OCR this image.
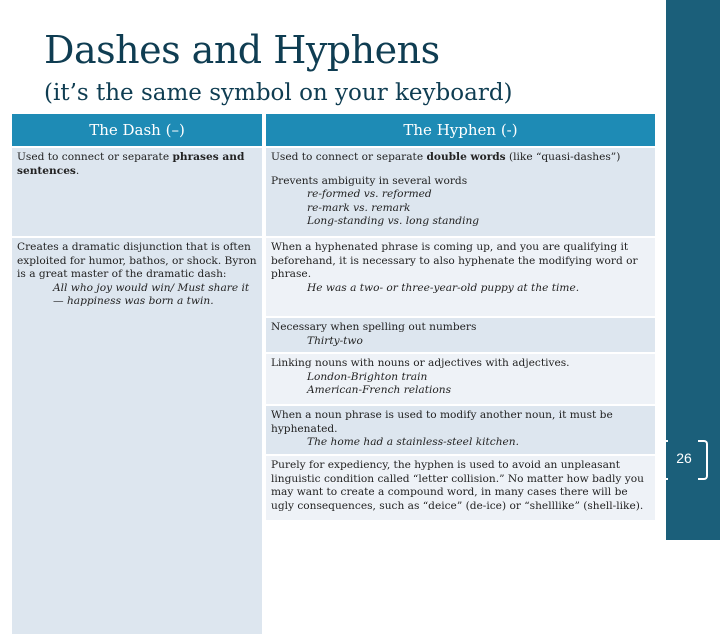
26
Dashes and Hyphens
(it’s the same symbol on your keyboard)
The Dash (–)	The Hyphen (-)
Used to connect or separate phrases and sentences.
Creates a dramatic disjunction that is often exploited for humor, bathos, or shock. Byron is a great master of the dramatic dash:
All who joy would win/ Must share it— happiness was born a twin.
Used to connect or separate double words (like “quasi-dashes”)
Prevents ambiguity in several words
re-formed vs. reformed
re-mark vs. remark
Long-standing vs. long standing
When a hyphenated phrase is coming up, and you are qualifying it beforehand, it is necessary to also hyphenate the modifying word or phrase.
He was a two- or three-year-old puppy at the time.
Necessary when spelling out numbers
Thirty-two
Linking nouns with nouns or adjectives with adjectives.
London-Brighton train
American-French relations
When a noun phrase is used to modify another noun, it must be hyphenated.
The home had a stainless-steel kitchen.
Purely for expediency, the hyphen is used to avoid an unpleasant linguistic condition called “letter collision.” No matter how badly you may want to create a compound word, in many cases there will be ugly consequences, such as “deice” (de-ice) or “shelllike” (shell-like).
